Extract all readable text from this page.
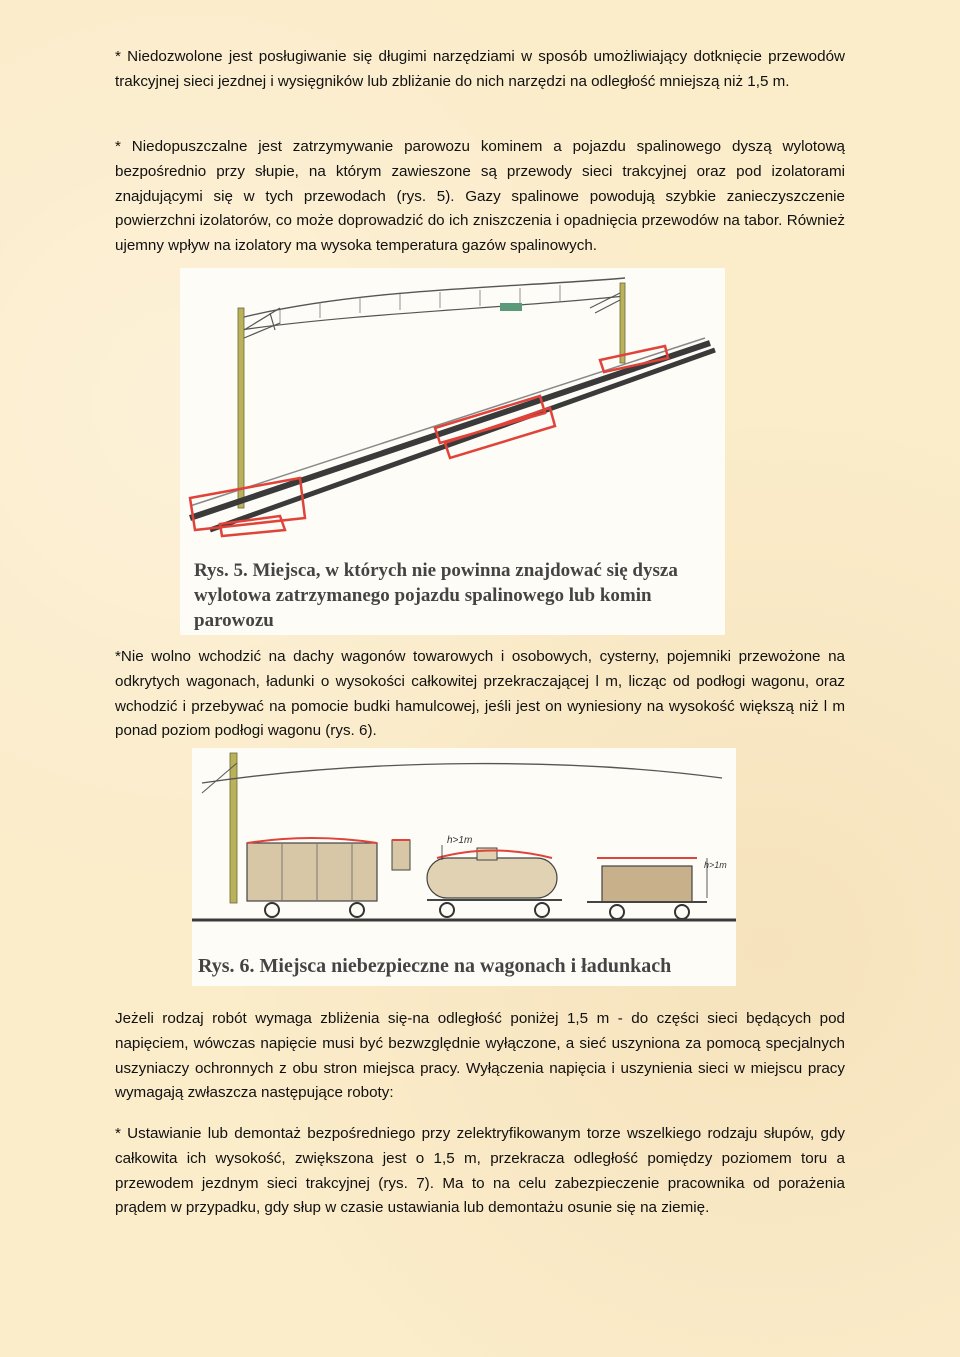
* Niedozwolone jest posługiwanie się długimi narzędziami w sposób umożliwiający dotknięcie przewodów trakcyjnej sieci jezdnej i wysięgników lub zbliżanie do nich narzędzi na odległość mniejszą niż 1,5 m.

* Niedopuszczalne jest zatrzymywanie parowozu kominem a pojazdu spalinowego dyszą wylotową bezpośrednio przy słupie, na którym zawieszone są przewody sieci trakcyjnej oraz pod izolatorami znajdującymi się w tych przewodach (rys. 5). Gazy spalinowe powodują szybkie zanieczyszczenie powierzchni izolatorów, co może doprowadzić do ich zniszczenia i opadnięcia przewodów na tabor. Również ujemny wpływ na izolatory ma wysoka temperatura gazów spalinowych.

Rys. 5. Miejsca, w których nie powinna znajdować się dysza wylotowa zatrzymanego pojazdu spalinowego lub komin parowozu

*Nie wolno wchodzić na dachy wagonów towarowych i osobowych, cysterny, pojemniki przewożone na odkrytych wagonach, ładunki o wysokości całkowitej przekraczającej l m, licząc od podłogi wagonu, oraz wchodzić i przebywać na pomocie budki hamulcowej, jeśli jest on wyniesiony na wysokość większą niż l m ponad poziom podłogi wagonu (rys. 6).

h>1m
h>1m
Rys. 6. Miejsca niebezpieczne na wagonach i ładunkach

Jeżeli rodzaj robót wymaga zbliżenia się-na odległość poniżej 1,5 m - do części sieci będących pod napięciem, wówczas napięcie musi być bezwzględnie wyłączone, a sieć uszyniona za pomocą specjalnych uszyniaczy ochronnych z obu stron miejsca pracy. Wyłączenia napięcia i uszynienia sieci w miejscu pracy wymagają zwłaszcza następujące roboty:

* Ustawianie lub demontaż bezpośredniego przy zelektryfikowanym torze wszelkiego rodzaju słupów, gdy całkowita ich wysokość, zwiększona jest o 1,5 m, przekracza odległość pomiędzy poziomem toru a przewodem jezdnym sieci trakcyjnej (rys. 7). Ma to na celu zabezpieczenie pracownika od porażenia prądem w przypadku, gdy słup w czasie ustawiania lub demontażu osunie się na ziemię.
